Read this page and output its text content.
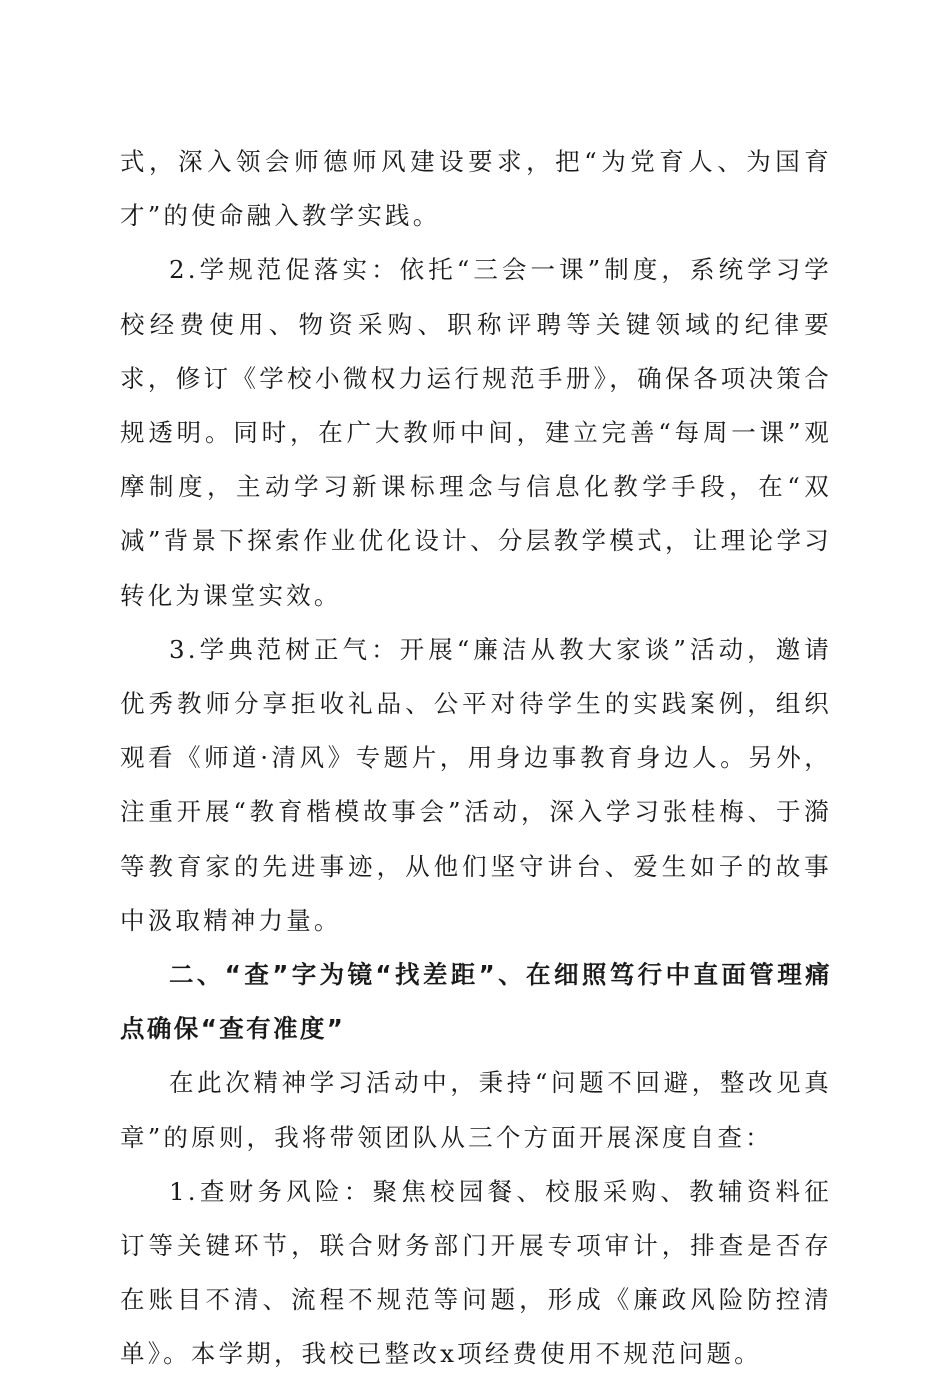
式，深入领会师德师风建设要求，把“为党育人、为国育才”的使命融入教学实践。

2.学规范促落实：依托“三会一课”制度，系统学习学校经费使用、物资采购、职称评聘等关键领域的纪律要求，修订《学校小微权力运行规范手册》，确保各项决策合规透明。同时，在广大教师中间，建立完善“每周一课”观摩制度，主动学习新课标理念与信息化教学手段，在“双减”背景下探索作业优化设计、分层教学模式，让理论学习转化为课堂实效。

3.学典范树正气：开展“廉洁从教大家谈”活动，邀请优秀教师分享拒收礼品、公平对待学生的实践案例，组织观看《师道·清风》专题片，用身边事教育身边人。另外，注重开展“教育楷模故事会”活动，深入学习张桂梅、于漪等教育家的先进事迹，从他们坚守讲台、爱生如子的故事中汲取精神力量。

二、“查”字为镜“找差距”、在细照笃行中直面管理痛点确保“查有准度”

在此次精神学习活动中，秉持“问题不回避，整改见真章”的原则，我将带领团队从三个方面开展深度自查：

1.查财务风险：聚焦校园餐、校服采购、教辅资料征订等关键环节，联合财务部门开展专项审计，排查是否存在账目不清、流程不规范等问题，形成《廉政风险防控清单》。本学期，我校已整改x项经费使用不规范问题。
